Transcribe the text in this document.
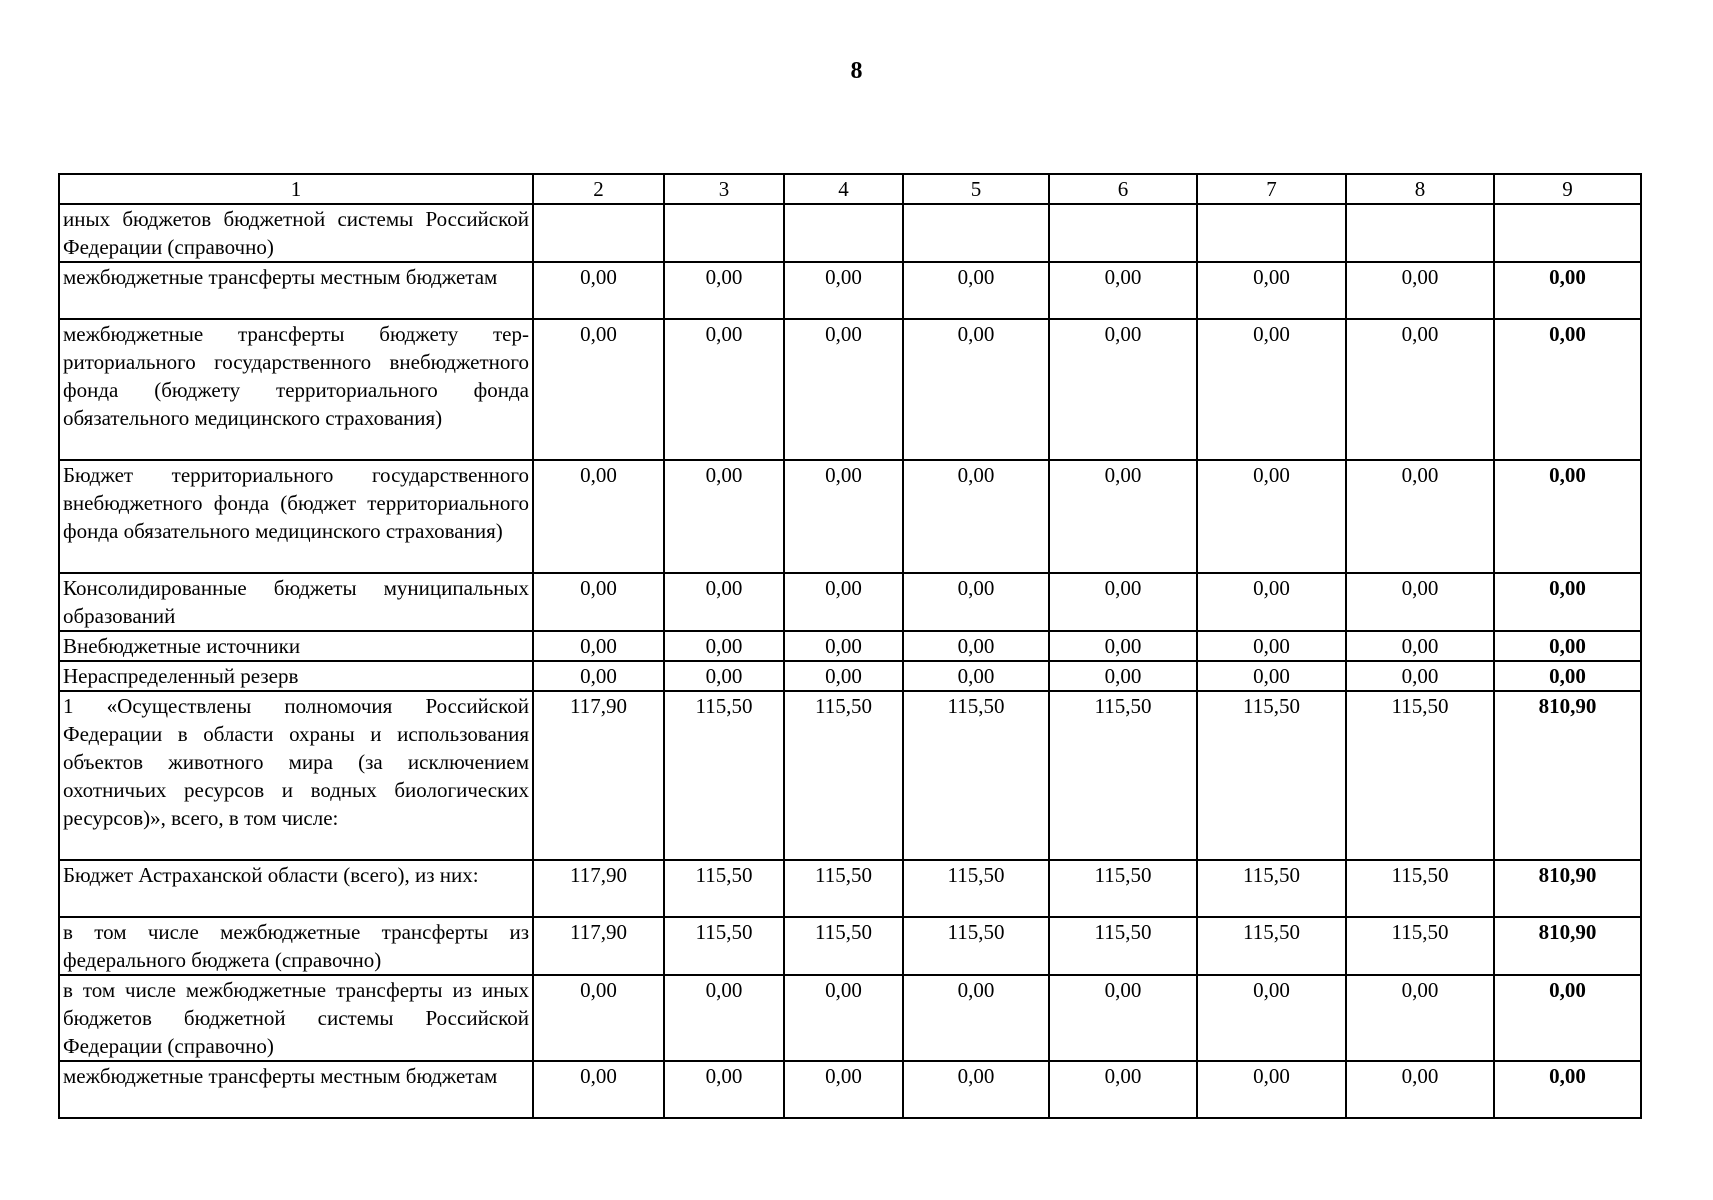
8
1	2	3	4	5	6	7	8	9
иных бюджетов бюджетной системы Российской Федерации (справочно)								
межбюджетные трансферты местным бюджетам	0,00	0,00	0,00	0,00	0,00	0,00	0,00	0,00
межбюджетные трансферты бюджету территориального государственного внебюджетного фонда (бюджету территориального фонда обязательного медицинского страхования)	0,00	0,00	0,00	0,00	0,00	0,00	0,00	0,00
Бюджет территориального государственного внебюджетного фонда (бюджет территориального фонда обязательного медицинского страхования)	0,00	0,00	0,00	0,00	0,00	0,00	0,00	0,00
Консолидированные бюджеты муниципальных образований	0,00	0,00	0,00	0,00	0,00	0,00	0,00	0,00
Внебюджетные источники	0,00	0,00	0,00	0,00	0,00	0,00	0,00	0,00
Нераспределенный резерв	0,00	0,00	0,00	0,00	0,00	0,00	0,00	0,00
1 «Осуществлены полномочия Российской Федерации в области охраны и использования объектов животного мира (за исключением охотничьих ресурсов и водных биологических ресурсов)», всего, в том числе:	117,90	115,50	115,50	115,50	115,50	115,50	115,50	810,90
Бюджет Астраханской области (всего), из них:	117,90	115,50	115,50	115,50	115,50	115,50	115,50	810,90
в том числе межбюджетные трансферты из федерального бюджета (справочно)	117,90	115,50	115,50	115,50	115,50	115,50	115,50	810,90
в том числе межбюджетные трансферты из иных бюджетов бюджетной системы Российской Федерации (справочно)	0,00	0,00	0,00	0,00	0,00	0,00	0,00	0,00
межбюджетные трансферты местным бюджетам	0,00	0,00	0,00	0,00	0,00	0,00	0,00	0,00
